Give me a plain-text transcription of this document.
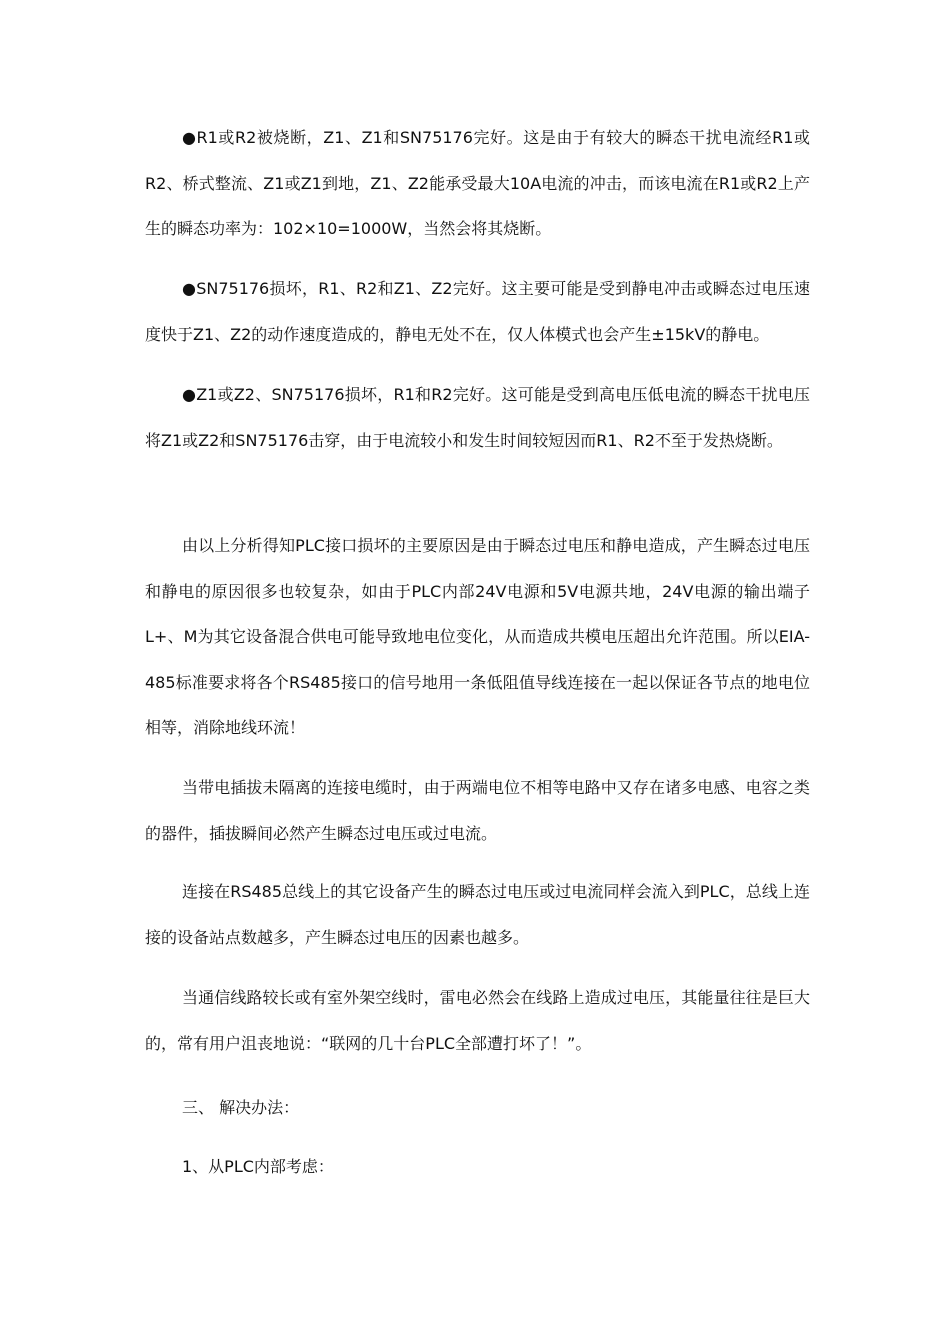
●R1或R2被烧断，Z1、Z1和SN75176完好。这是由于有较大的瞬态干扰电流经R1或R2、桥式整流、Z1或Z1到地，Z1、Z2能承受最大10A电流的冲击，而该电流在R1或R2上产生的瞬态功率为：102×10=1000W，当然会将其烧断。

●SN75176损坏，R1、R2和Z1、Z2完好。这主要可能是受到静电冲击或瞬态过电压速度快于Z1、Z2的动作速度造成的，静电无处不在，仅人体模式也会产生±15kV的静电。

●Z1或Z2、SN75176损坏，R1和R2完好。这可能是受到高电压低电流的瞬态干扰电压将Z1或Z2和SN75176击穿，由于电流较小和发生时间较短因而R1、R2不至于发热烧断。

由以上分析得知PLC接口损坏的主要原因是由于瞬态过电压和静电造成，产生瞬态过电压和静电的原因很多也较复杂，如由于PLC内部24V电源和5V电源共地，24V电源的输出端子L+、M为其它设备混合供电可能导致地电位变化，从而造成共模电压超出允许范围。所以EIA-485标准要求将各个RS485接口的信号地用一条低阻值导线连接在一起以保证各节点的地电位相等，消除地线环流！

当带电插拔未隔离的连接电缆时，由于两端电位不相等电路中又存在诸多电感、电容之类的器件，插拔瞬间必然产生瞬态过电压或过电流。

连接在RS485总线上的其它设备产生的瞬态过电压或过电流同样会流入到PLC，总线上连接的设备站点数越多，产生瞬态过电压的因素也越多。

当通信线路较长或有室外架空线时，雷电必然会在线路上造成过电压，其能量往往是巨大的，常有用户沮丧地说：“联网的几十台PLC全部遭打坏了！”。

三、 解决办法：

1、从PLC内部考虑：
